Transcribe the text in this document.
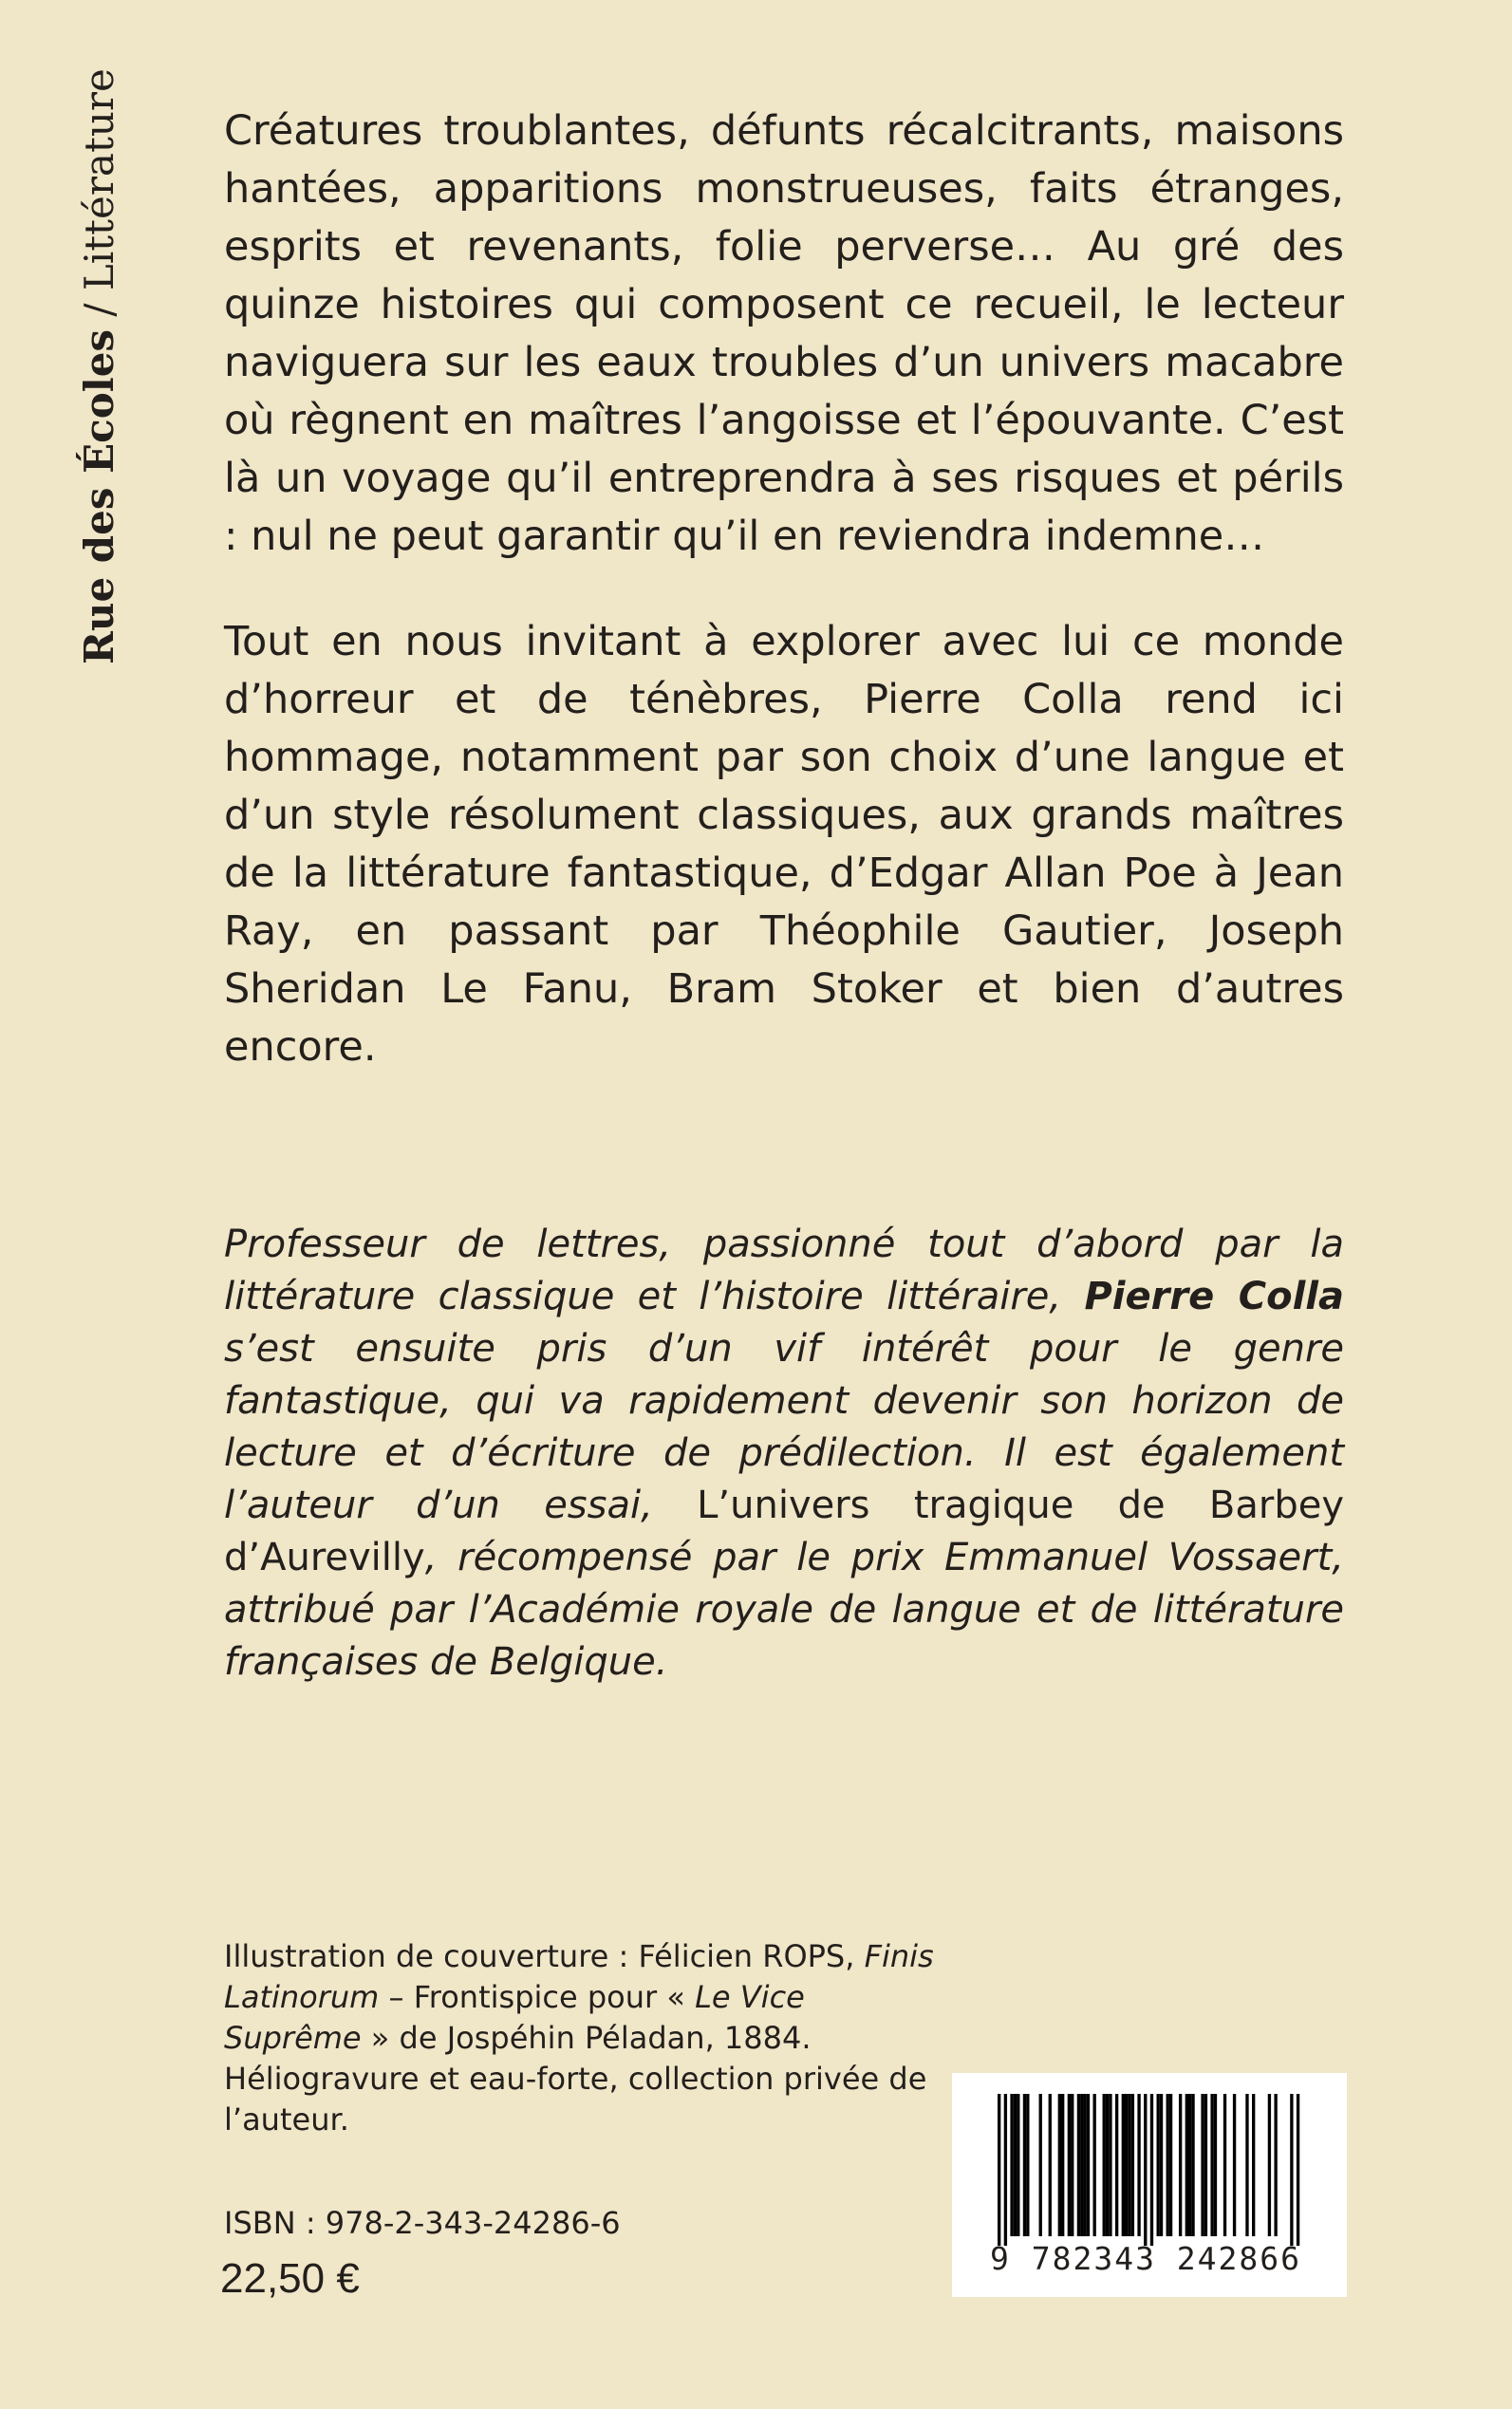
Rue des Écoles / Littérature Créatures troublantes, défunts récalcitrants, maisons hantées, apparitions monstrueuses, faits étranges, esprits et revenants, folie perverse… Au gré des quinze histoires qui composent ce recueil, le lecteur naviguera sur les eaux troubles d’un univers macabre où règnent en maîtres l’angoisse et l’épouvante. C’est là un voyage qu’il entreprendra à ses risques et périls : nul ne peut garantir qu’il en reviendra indemne…

Tout en nous invitant à explorer avec lui ce monde d’horreur et de ténèbres, Pierre Colla rend ici hommage, notamment par son choix d’une langue et d’un style résolument classiques, aux grands maîtres de la littérature fantastique, d’Edgar Allan Poe à Jean Ray, en passant par Théophile Gautier, Joseph Sheridan Le Fanu, Bram Stoker et bien d’autres encore.

Professeur de lettres, passionné tout d’abord par la littérature classique et l’histoire littéraire, Pierre Colla s’est ensuite pris d’un vif intérêt pour le genre fantastique, qui va rapidement devenir son horizon de lecture et d’écriture de prédilection. Il est également l’auteur d’un essai, L’univers tragique de Barbey d’Aurevilly, récompensé par le prix Emmanuel Vossaert, attribué par l’Académie royale de langue et de littérature françaises de Belgique.

Illustration de couverture : Félicien ROPS, Finis Latinorum – Frontispice pour « Le Vice Suprême » de Jospéhin Péladan, 1884. Héliogravure et eau-forte, collection privée de l’auteur.

ISBN : 978-2-343-24286-6
22,50 €	9 782343 242866
